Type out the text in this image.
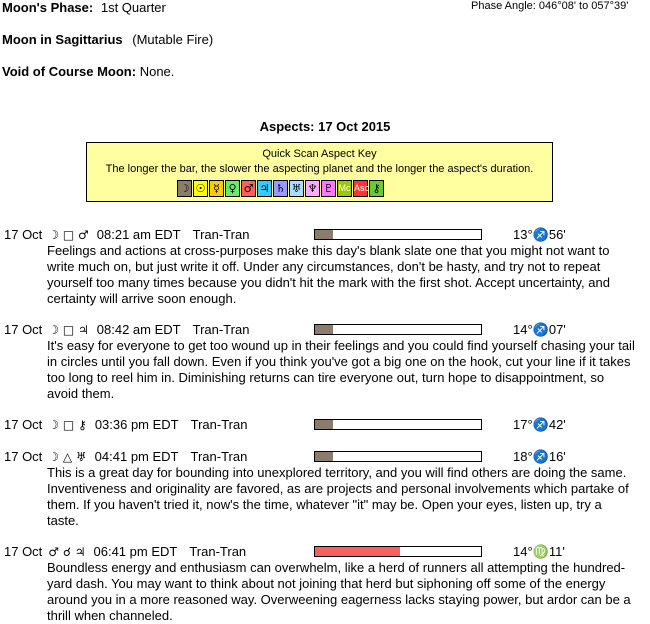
Moon's Phase: 1st Quarter	Phase Angle: 046°08' to 057°39'
Moon in Sagittarius (Mutable Fire)
Void of Course Moon: None.
Aspects: 17 Oct 2015
Quick Scan Aspect Key
The longer the bar, the slower the aspecting planet and the longer the aspect's duration.
☽ ☉ ☿ ♀ ♂ ♃ ♄ ♅ ♆ ♇ Mc Asc ⚷
17 Oct ☽ □ ♂ 08:21 am EDT Tran-Tran	13°♐56'
Feelings and actions at cross-purposes make this day's blank slate one that you might not want to write much on, but just write it off. Under any circumstances, don't be hasty, and try not to repeat yourself too many times because you didn't hit the mark with the first shot. Accept uncertainty, and certainty will arrive soon enough.
17 Oct ☽ □ ♃ 08:42 am EDT Tran-Tran	14°♐07'
It's easy for everyone to get too wound up in their feelings and you could find yourself chasing your tail in circles until you fall down. Even if you think you've got a big one on the hook, cut your line if it takes too long to reel him in. Diminishing returns can tire everyone out, turn hope to disappointment, so avoid them.
17 Oct ☽ □ ⚷ 03:36 pm EDT Tran-Tran	17°♐42'
17 Oct ☽ △ ♅ 04:41 pm EDT Tran-Tran	18°♐16'
This is a great day for bounding into unexplored territory, and you will find others are doing the same. Inventiveness and originality are favored, as are projects and personal involvements which partake of them. If you haven't tried it, now's the time, whatever "it" may be. Open your eyes, listen up, try a taste.
17 Oct ♂ ☌ ♃ 06:41 pm EDT Tran-Tran	14°♍11'
Boundless energy and enthusiasm can overwhelm, like a herd of runners all attempting the hundred-yard dash. You may want to think about not joining that herd but siphoning off some of the energy around you in a more reasoned way. Overweening eagerness lacks staying power, but ardor can be a thrill when channeled.
